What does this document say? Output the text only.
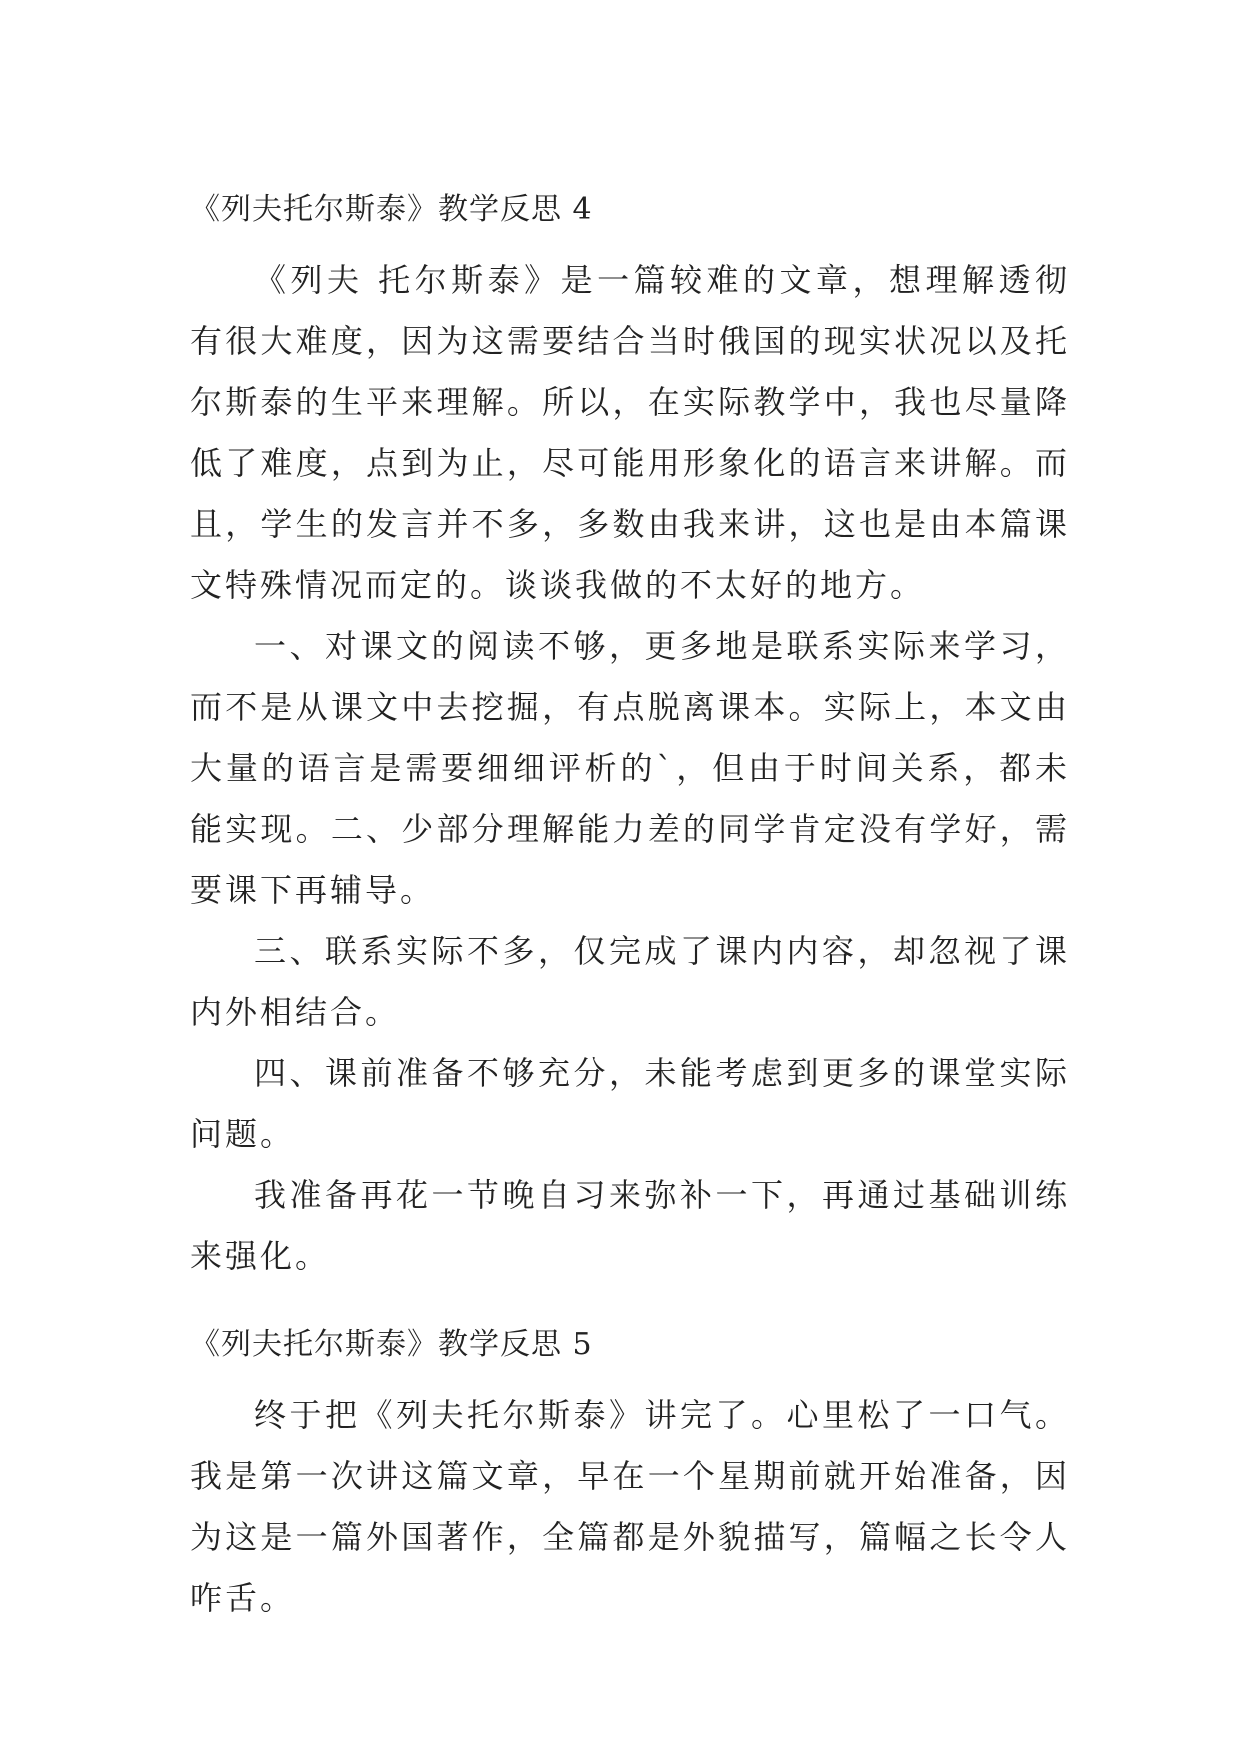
《列夫托尔斯泰》教学反思 4

《列夫 托尔斯泰》是一篇较难的文章，想理解透彻有很大难度，因为这需要结合当时俄国的现实状况以及托尔斯泰的生平来理解。所以，在实际教学中，我也尽量降低了难度，点到为止，尽可能用形象化的语言来讲解。而且，学生的发言并不多，多数由我来讲，这也是由本篇课文特殊情况而定的。谈谈我做的不太好的地方。

一、对课文的阅读不够，更多地是联系实际来学习，而不是从课文中去挖掘，有点脱离课本。实际上，本文由大量的语言是需要细细评析的`，但由于时间关系，都未能实现。二、少部分理解能力差的同学肯定没有学好，需要课下再辅导。

三、联系实际不多，仅完成了课内内容，却忽视了课内外相结合。

四、课前准备不够充分，未能考虑到更多的课堂实际问题。

我准备再花一节晚自习来弥补一下，再通过基础训练来强化。

《列夫托尔斯泰》教学反思 5

终于把《列夫托尔斯泰》讲完了。心里松了一口气。我是第一次讲这篇文章，早在一个星期前就开始准备，因为这是一篇外国著作，全篇都是外貌描写，篇幅之长令人咋舌。
